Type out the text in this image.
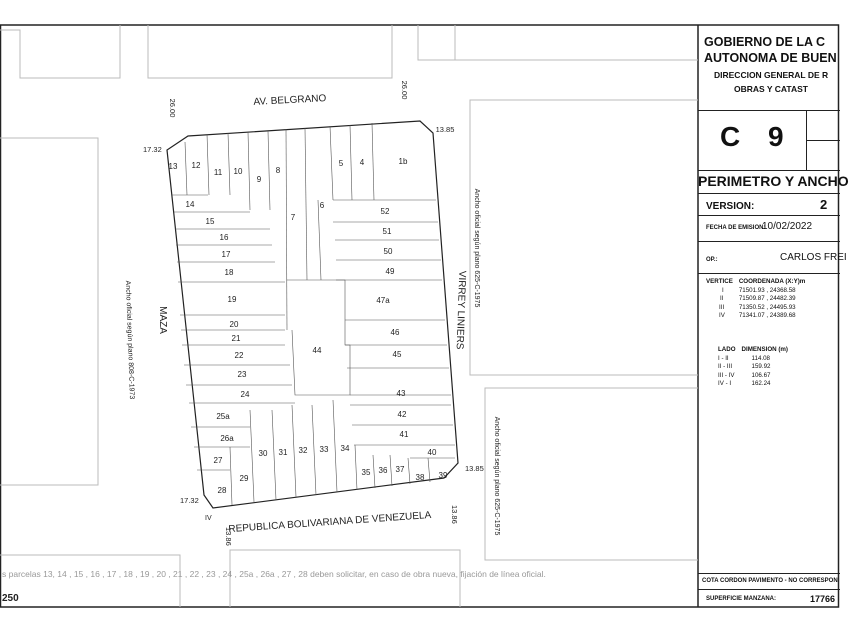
AV. BELGRANO
REPUBLICA BOLIVARIANA DE VENEZUELA
MAZA	VIRREY LINIERS
Ancho oficial según plano 808-C-1973
Ancho oficial según plano 625-C-1975
Ancho oficial según plano 625-C-1975
26.00
26.00
13.85
17.32
17.32
13.85
13.86
13.86
IV
13 12
11 10
9
8
7
6
5 4	1b
14
15
16
17
18
19
20
21
22
23
24
25a
26a
27
28
29
30 31 32 33 34
35 36 37
38 39
40
41
42
43
44	45
46
47a
49
50
51
52
s parcelas 13, 14 , 15 , 16 , 17 , 18 , 19 , 20 , 21 , 22 , 23 , 24 , 25a , 26a , 27 , 28 deben solicitar, en caso de obra nueva, fijación de línea oficial.
250
GOBIERNO DE LA C
AUTONOMA DE BUEN
DIRECCION GENERAL DE R
OBRAS Y CATAST
C 9
PERIMETRO Y ANCHO
VERSION:	2
FECHA DE EMISION:
10/02/2022
OP.:	CARLOS FREI
VERTICE	COORDENADA (X:Y)m
I	71501.93 , 24368.58
II	71509.87 , 24482.39
III	71350.52 , 24495.93
IV	71341.07 , 24389.68
LADO	DIMENSION (m)
I - II	114.08
II - III	159.92
III - IV	106.67
IV - I	162.24
COTA CORDON PAVIMENTO - NO CORRESPON
SUPERFICIE MANZANA:	17766
